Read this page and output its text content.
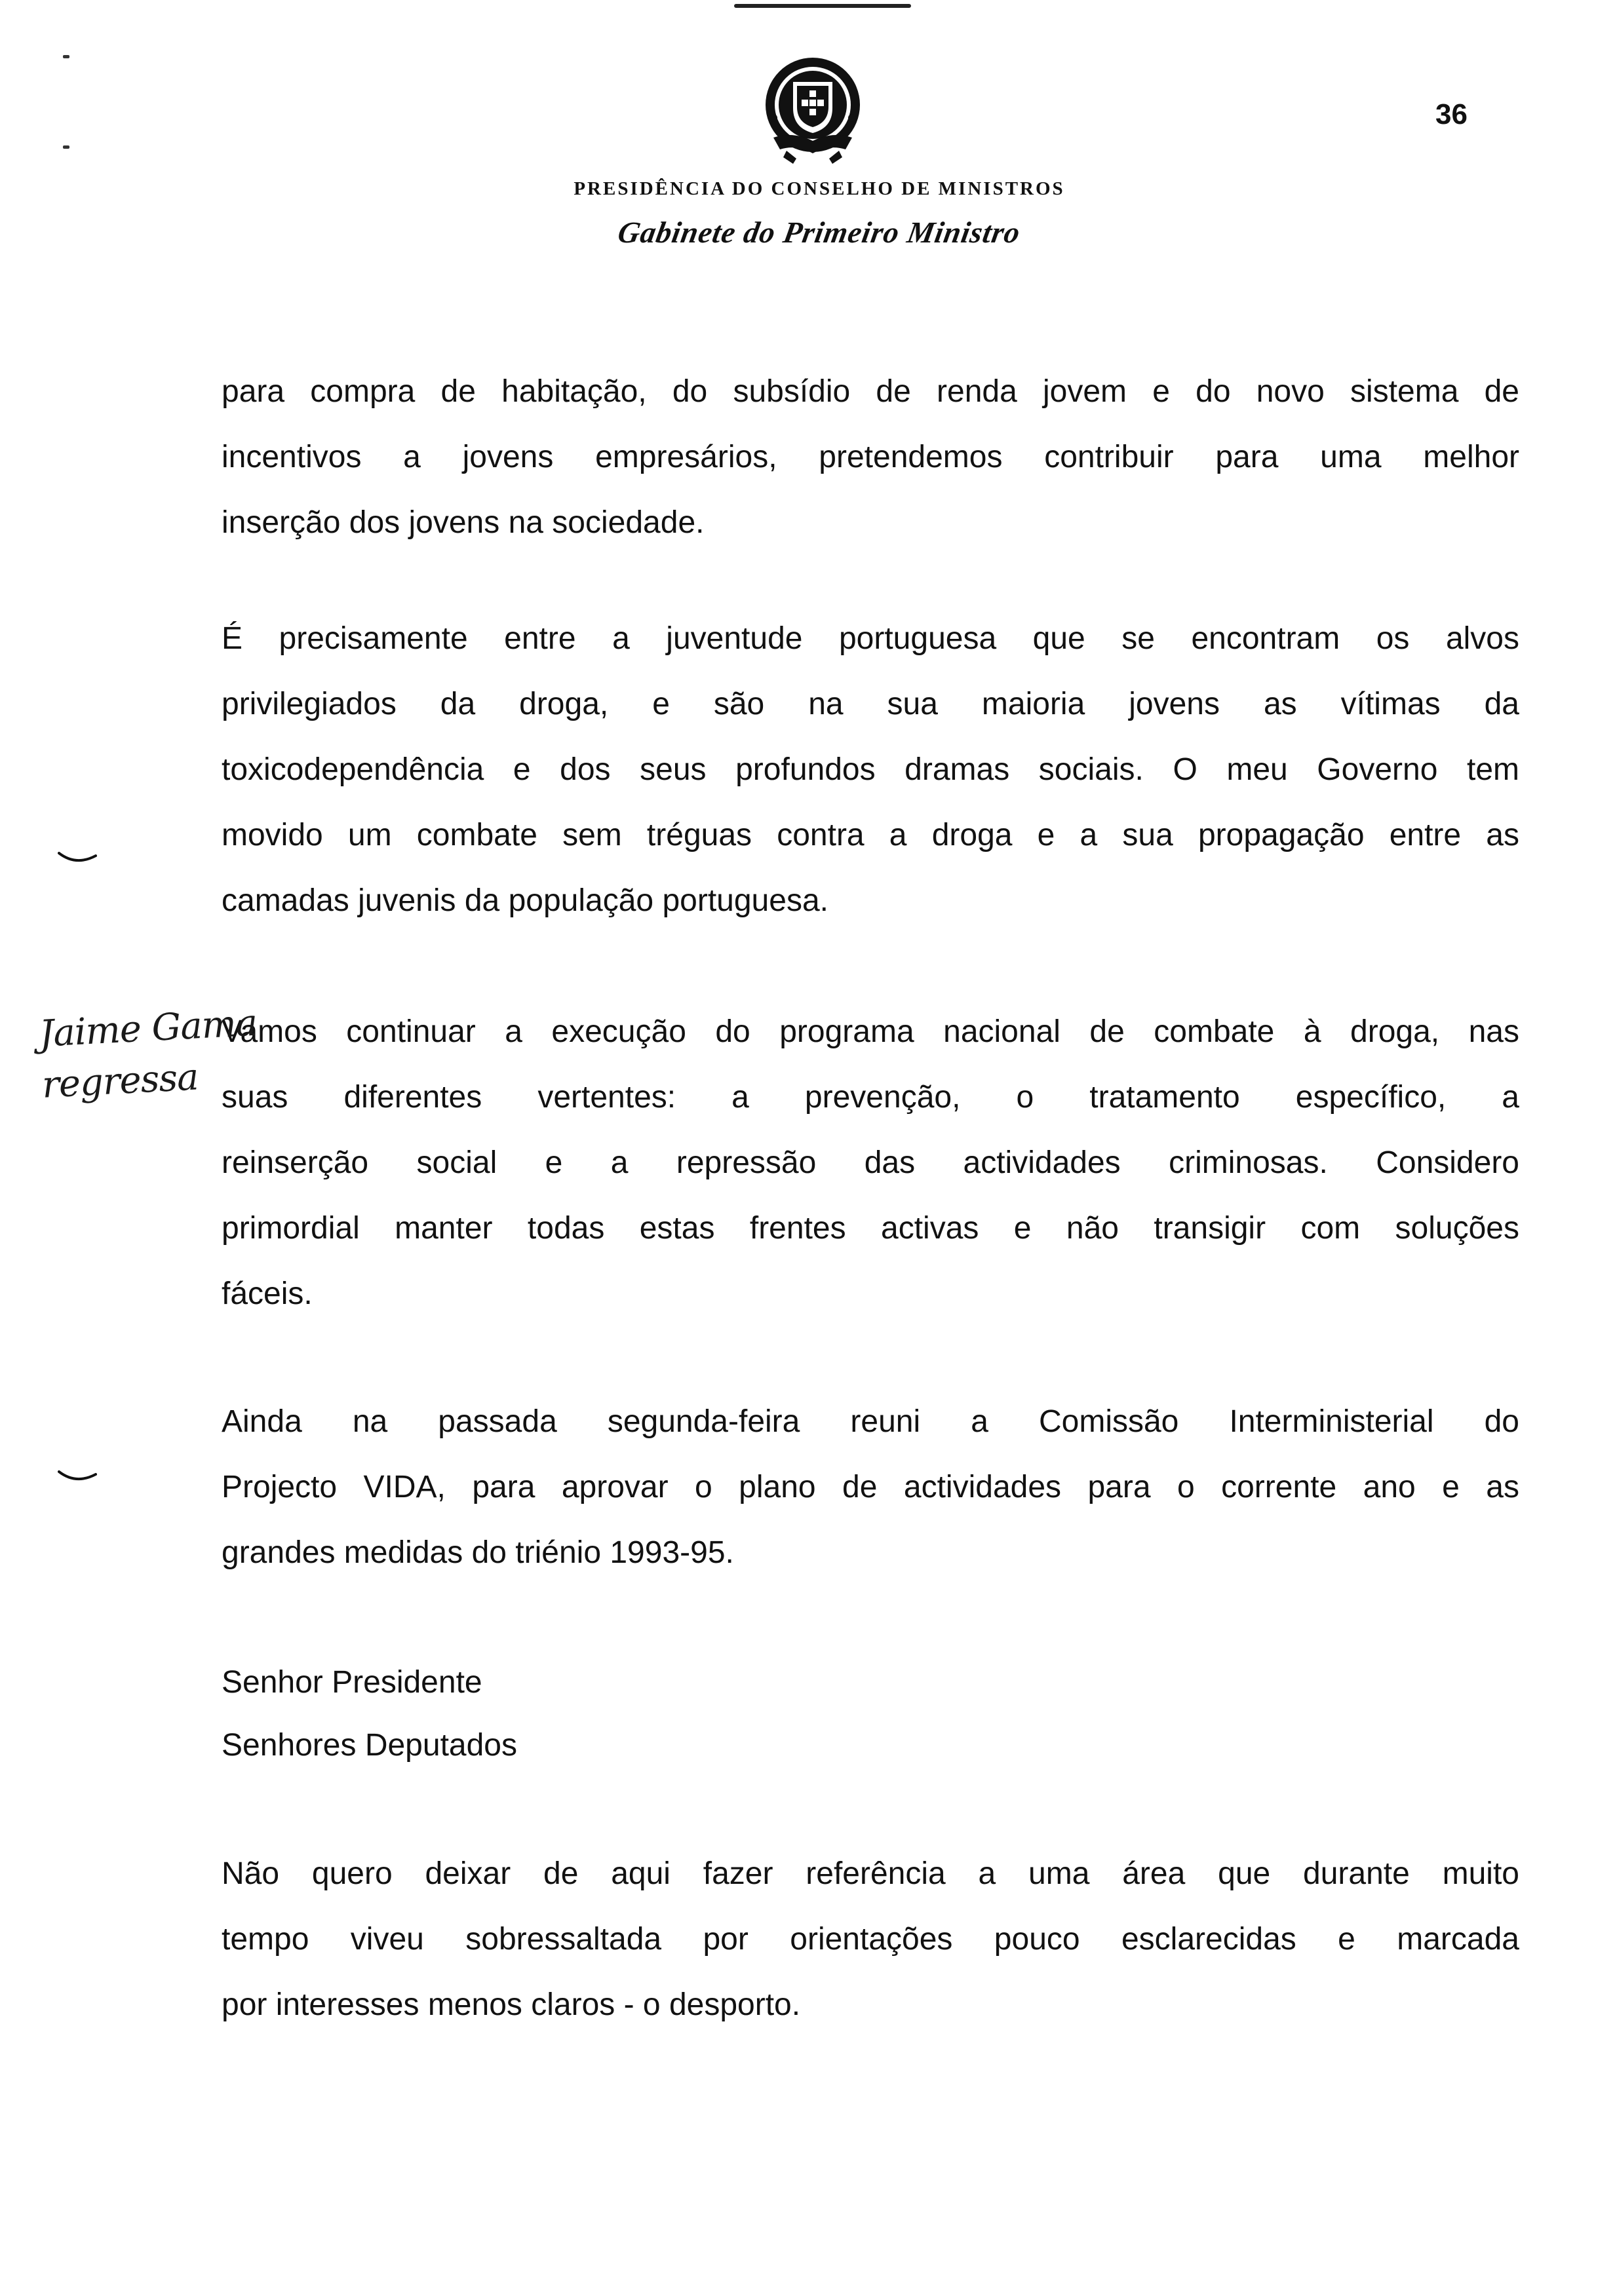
36
PRESIDÊNCIA DO CONSELHO DE MINISTROS
Gabinete do Primeiro Ministro
para compra de habitação, do subsídio de renda jovem e do novo sistema de
incentivos a jovens empresários, pretendemos contribuir para uma melhor
inserção dos jovens na sociedade.
É precisamente entre a juventude portuguesa que se encontram os alvos
privilegiados da droga, e são na sua maioria jovens as vítimas da
toxicodependência e dos seus profundos dramas sociais. O meu Governo tem
movido um combate sem tréguas contra a droga e a sua propagação entre as
camadas juvenis da população portuguesa.
Vamos continuar a execução do programa nacional de combate à droga, nas
suas diferentes vertentes: a prevenção, o tratamento específico, a
reinserção social e a repressão das actividades criminosas. Considero
primordial manter todas estas frentes activas e não transigir com soluções
fáceis.
Ainda na passada segunda-feira reuni a Comissão Interministerial do
Projecto VIDA, para aprovar o plano de actividades para o corrente ano e as
grandes medidas do triénio 1993-95.
Senhor Presidente
Senhores Deputados
Não quero deixar de aqui fazer referência a uma área que durante muito
tempo viveu sobressaltada por orientações pouco esclarecidas e marcada
por interesses menos claros - o desporto.
Jaime Gama
regressa
